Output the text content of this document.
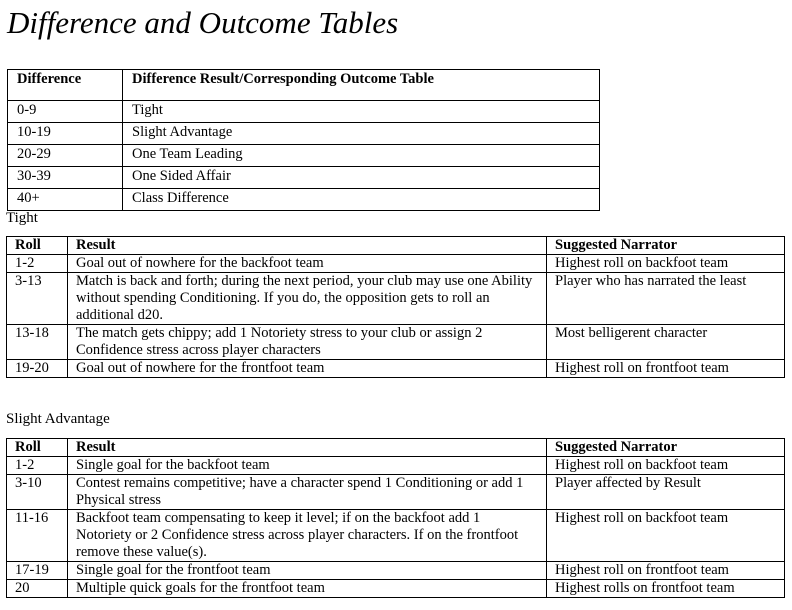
Difference and Outcome Tables
Difference	Difference Result/Corresponding Outcome Table
0-9	Tight
10-19	Slight Advantage
20-29	One Team Leading
30-39	One Sided Affair
40+	Class Difference
Tight
Roll	Result	Suggested Narrator
1-2	Goal out of nowhere for the backfoot team	Highest roll on backfoot team
3-13	Match is back and forth; during the next period, your club may use one Ability without spending Conditioning. If you do, the opposition gets to roll an additional d20.	Player who has narrated the least
13-18	The match gets chippy; add 1 Notoriety stress to your club or assign 2 Confidence stress across player characters	Most belligerent character
19-20	Goal out of nowhere for the frontfoot team	Highest roll on frontfoot team
Slight Advantage
Roll	Result	Suggested Narrator
1-2	Single goal for the backfoot team	Highest roll on backfoot team
3-10	Contest remains competitive; have a character spend 1 Conditioning or add 1 Physical stress	Player affected by Result
11-16	Backfoot team compensating to keep it level; if on the backfoot add 1 Notoriety or 2 Confidence stress across player characters. If on the frontfoot remove these value(s).	Highest roll on backfoot team
17-19	Single goal for the frontfoot team	Highest roll on frontfoot team
20	Multiple quick goals for the frontfoot team	Highest rolls on frontfoot team
